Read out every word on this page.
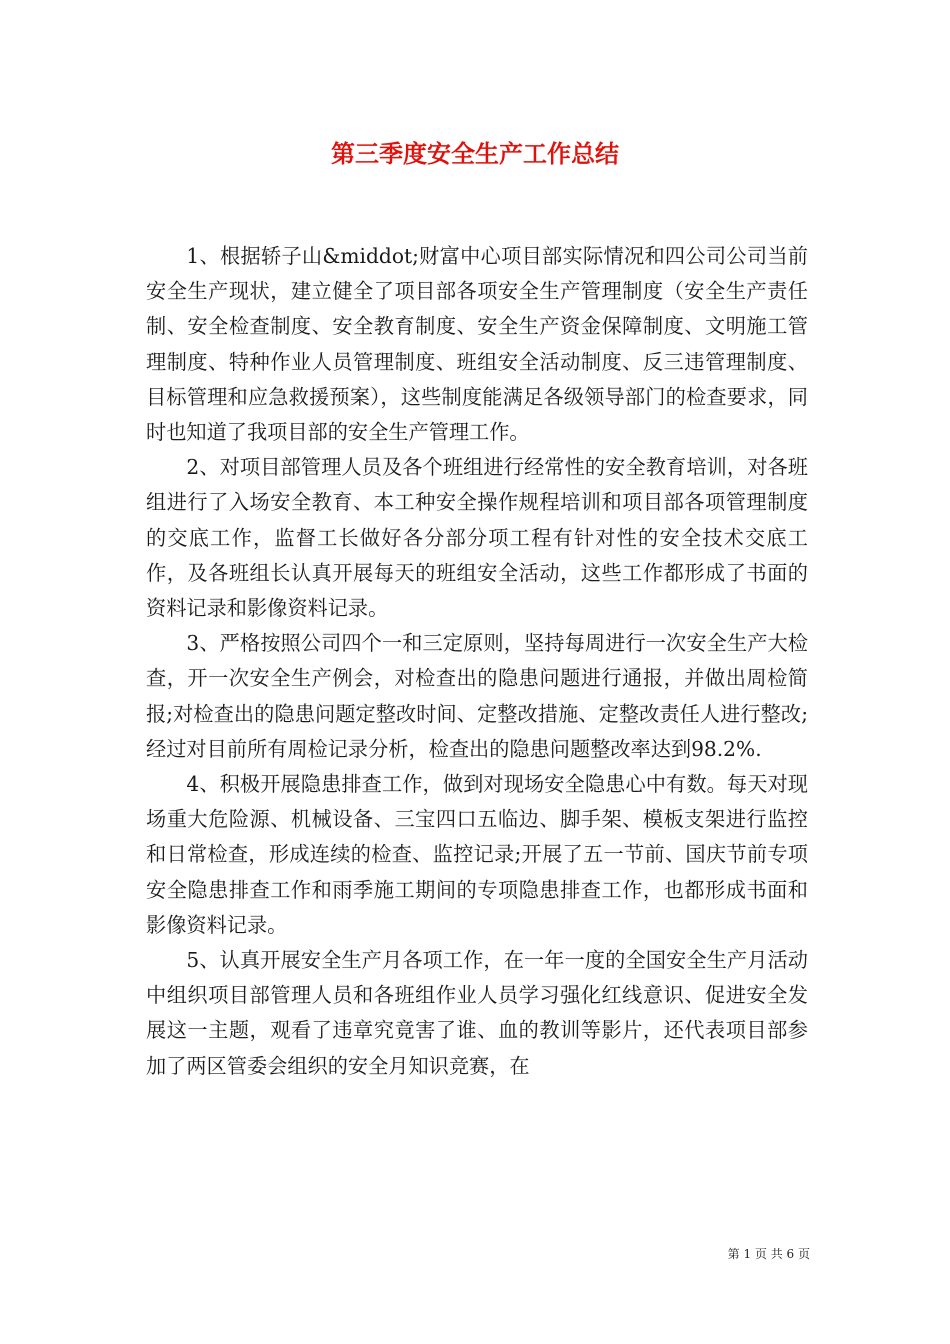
第三季度安全生产工作总结

1、根据轿子山&middot;财富中心项目部实际情况和四公司公司当前安全生产现状，建立健全了项目部各项安全生产管理制度（安全生产责任制、安全检查制度、安全教育制度、安全生产资金保障制度、文明施工管理制度、特种作业人员管理制度、班组安全活动制度、反三违管理制度、目标管理和应急救援预案），这些制度能满足各级领导部门的检查要求，同时也知道了我项目部的安全生产管理工作。

2、对项目部管理人员及各个班组进行经常性的安全教育培训，对各班组进行了入场安全教育、本工种安全操作规程培训和项目部各项管理制度的交底工作，监督工长做好各分部分项工程有针对性的安全技术交底工作，及各班组长认真开展每天的班组安全活动，这些工作都形成了书面的资料记录和影像资料记录。

3、严格按照公司四个一和三定原则，坚持每周进行一次安全生产大检查，开一次安全生产例会，对检查出的隐患问题进行通报，并做出周检简报;对检查出的隐患问题定整改时间、定整改措施、定整改责任人进行整改;经过对目前所有周检记录分析，检查出的隐患问题整改率达到98.2%.

4、积极开展隐患排查工作，做到对现场安全隐患心中有数。每天对现场重大危险源、机械设备、三宝四口五临边、脚手架、模板支架进行监控和日常检查，形成连续的检查、监控记录;开展了五一节前、国庆节前专项安全隐患排查工作和雨季施工期间的专项隐患排查工作，也都形成书面和影像资料记录。

5、认真开展安全生产月各项工作，在一年一度的全国安全生产月活动中组织项目部管理人员和各班组作业人员学习强化红线意识、促进安全发展这一主题，观看了违章究竟害了谁、血的教训等影片，还代表项目部参加了两区管委会组织的安全月知识竞赛，在

第 1 页 共 6 页
